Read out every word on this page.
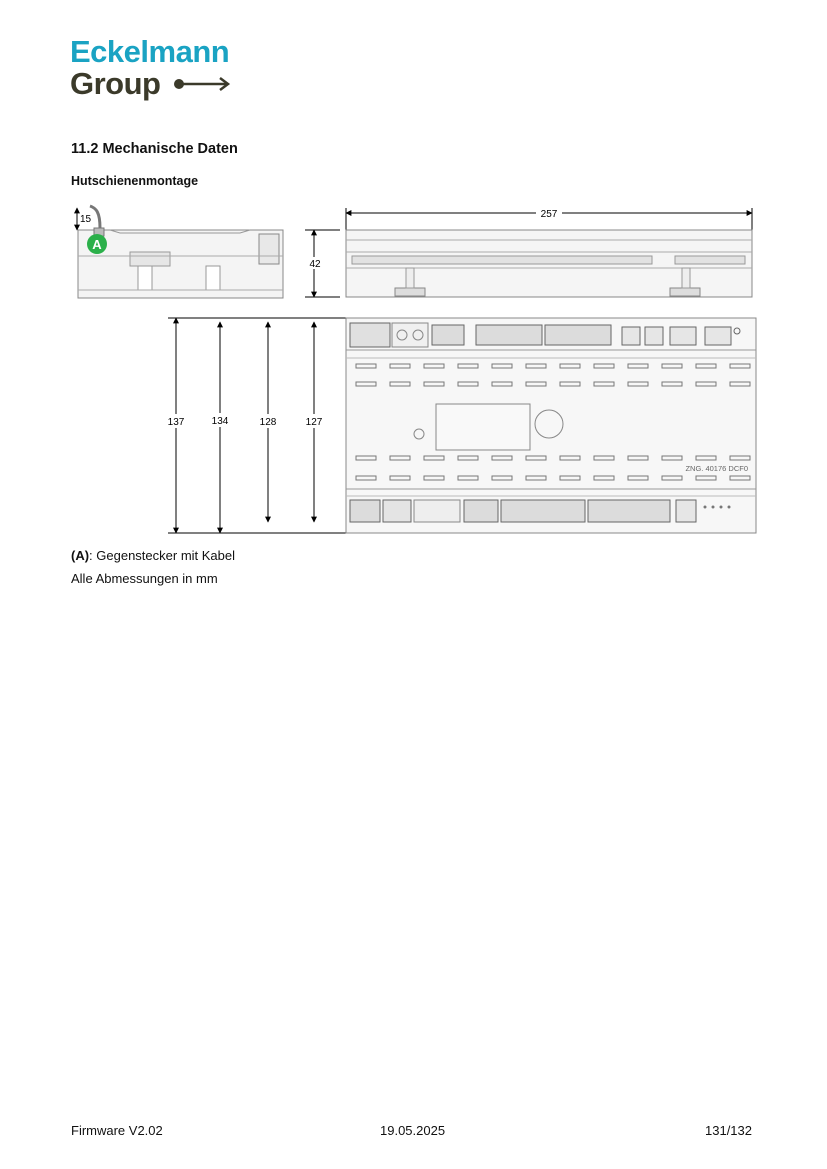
Eckelmann
Group
11.2 Mechanische Daten
Hutschienenmontage
A
15	257
42
137	134	128	127
ZNG. 40176 DCF0
(A): Gegenstecker mit Kabel
Alle Abmessungen in mm
Firmware V2.02	19.05.2025	131/132
